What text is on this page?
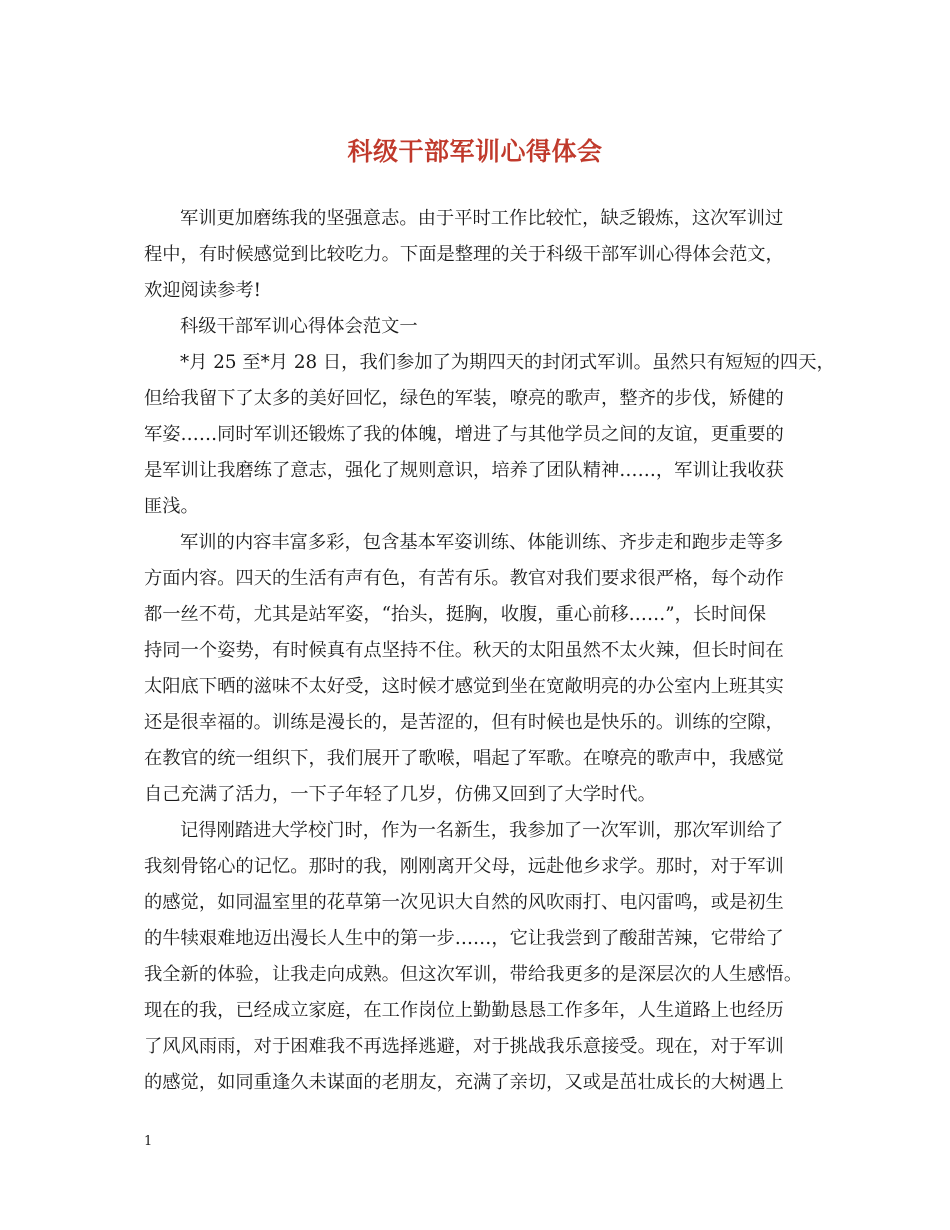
科级干部军训心得体会

军训更加磨练我的坚强意志。由于平时工作比较忙，缺乏锻炼，这次军训过

程中，有时候感觉到比较吃力。下面是整理的关于科级干部军训心得体会范文，

欢迎阅读参考!

科级干部军训心得体会范文一

*月 25 至*月 28 日，我们参加了为期四天的封闭式军训。虽然只有短短的四天，

但给我留下了太多的美好回忆，绿色的军装，嘹亮的歌声，整齐的步伐，矫健的

军姿……同时军训还锻炼了我的体魄，增进了与其他学员之间的友谊，更重要的

是军训让我磨练了意志，强化了规则意识，培养了团队精神……，军训让我收获

匪浅。

军训的内容丰富多彩，包含基本军姿训练、体能训练、齐步走和跑步走等多

方面内容。四天的生活有声有色，有苦有乐。教官对我们要求很严格，每个动作

都一丝不苟，尤其是站军姿，“抬头，挺胸，收腹，重心前移……”，长时间保

持同一个姿势，有时候真有点坚持不住。秋天的太阳虽然不太火辣，但长时间在

太阳底下晒的滋味不太好受，这时候才感觉到坐在宽敞明亮的办公室内上班其实

还是很幸福的。训练是漫长的，是苦涩的，但有时候也是快乐的。训练的空隙，

在教官的统一组织下，我们展开了歌喉，唱起了军歌。在嘹亮的歌声中，我感觉

自己充满了活力，一下子年轻了几岁，仿佛又回到了大学时代。

记得刚踏进大学校门时，作为一名新生，我参加了一次军训，那次军训给了

我刻骨铭心的记忆。那时的我，刚刚离开父母，远赴他乡求学。那时，对于军训

的感觉，如同温室里的花草第一次见识大自然的风吹雨打、电闪雷鸣，或是初生

的牛犊艰难地迈出漫长人生中的第一步……，它让我尝到了酸甜苦辣，它带给了

我全新的体验，让我走向成熟。但这次军训，带给我更多的是深层次的人生感悟。

现在的我，已经成立家庭，在工作岗位上勤勤恳恳工作多年，人生道路上也经历

了风风雨雨，对于困难我不再选择逃避，对于挑战我乐意接受。现在，对于军训

的感觉，如同重逢久未谋面的老朋友，充满了亲切，又或是茁壮成长的大树遇上

1
